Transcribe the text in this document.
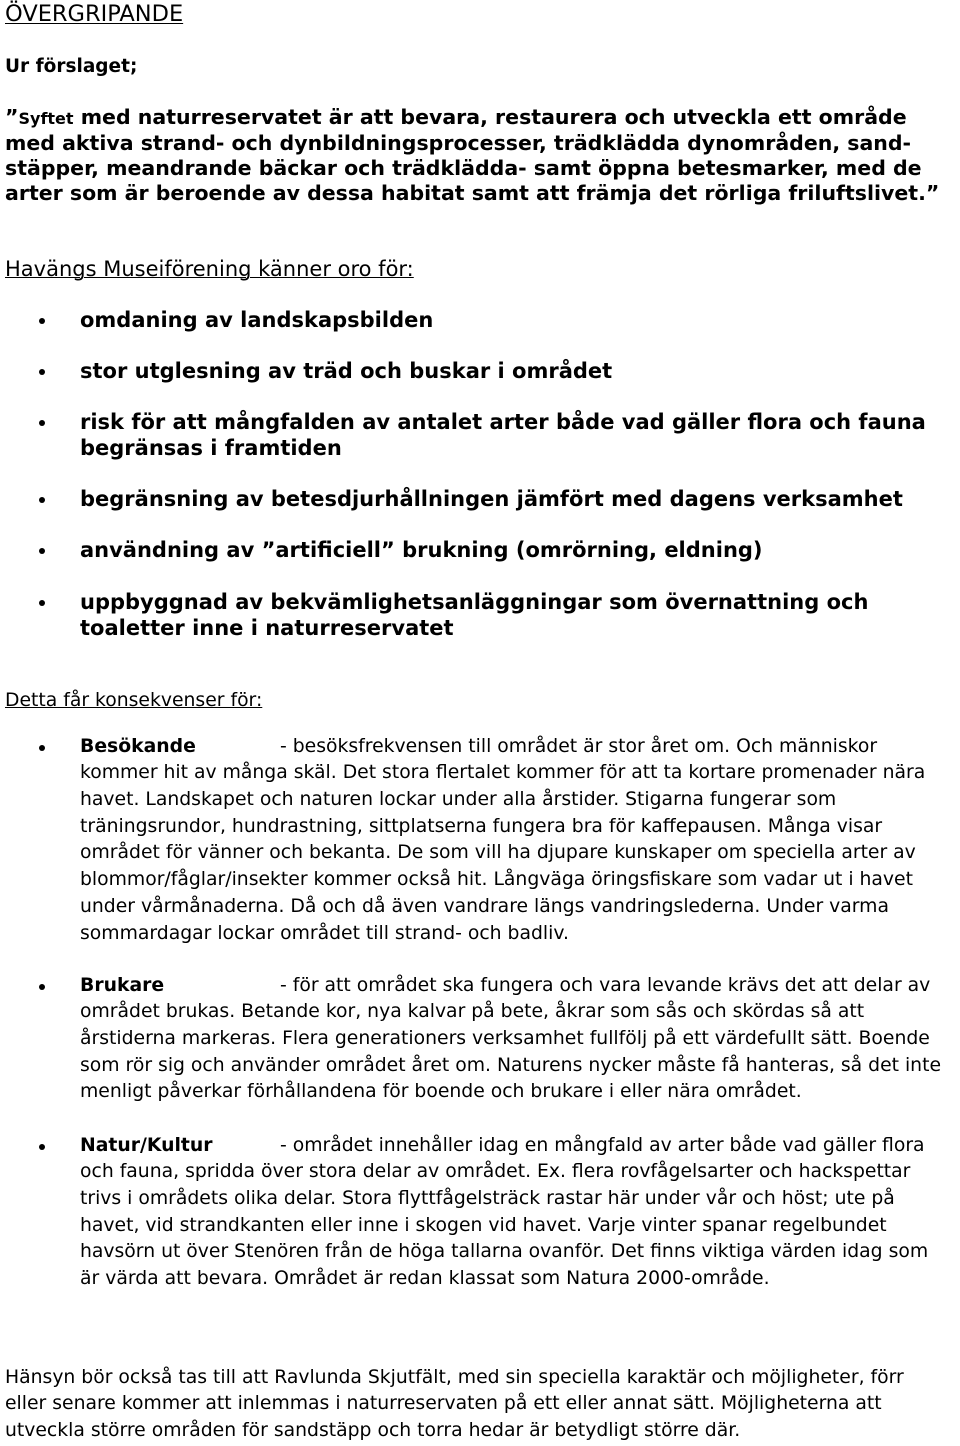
ÖVERGRIPANDE
Ur förslaget;
”Syftet med naturreservatet är att bevara, restaurera och utveckla ett område
med aktiva strand- och dynbildningsprocesser, trädklädda dynområden, sand-
stäpper, meandrande bäckar och trädklädda- samt öppna betesmarker, med de
arter som är beroende av dessa habitat samt att främja det rörliga friluftslivet.”
Havängs Museiförening känner oro för:
omdaning av landskapsbilden
stor utglesning av träd och buskar i området
risk för att mångfalden av antalet arter både vad gäller flora och fauna
begränsas i framtiden
begränsning av betesdjurhållningen jämfört med dagens verksamhet
användning av ”artificiell” brukning (omrörning, eldning)
uppbyggnad av bekvämlighetsanläggningar som övernattning och
toaletter inne i naturreservatet
Detta får konsekvenser för:
Besökande	- besöksfrekvensen till området är stor året om. Och människor
kommer hit av många skäl. Det stora flertalet kommer för att ta kortare promenader nära
havet. Landskapet och naturen lockar under alla årstider. Stigarna fungerar som
träningsrundor, hundrastning, sittplatserna fungera bra för kaffepausen. Många visar
området för vänner och bekanta. De som vill ha djupare kunskaper om speciella arter av
blommor/fåglar/insekter kommer också hit. Långväga öringsfiskare som vadar ut i havet
under vårmånaderna. Då och då även vandrare längs vandringslederna. Under varma
sommardagar lockar området till strand- och badliv.
Brukare	- för att området ska fungera och vara levande krävs det att delar av
området brukas. Betande kor, nya kalvar på bete, åkrar som sås och skördas så att
årstiderna markeras. Flera generationers verksamhet fullfölj på ett värdefullt sätt. Boende
som rör sig och använder området året om. Naturens nycker måste få hanteras, så det inte
menligt påverkar förhållandena för boende och brukare i eller nära området.
Natur/Kultur	- området innehåller idag en mångfald av arter både vad gäller flora
och fauna, spridda över stora delar av området. Ex. flera rovfågelsarter och hackspettar
trivs i områdets olika delar. Stora flyttfågelsträck rastar här under vår och höst; ute på
havet, vid strandkanten eller inne i skogen vid havet. Varje vinter spanar regelbundet
havsörn ut över Stenören från de höga tallarna ovanför. Det finns viktiga värden idag som
är värda att bevara. Området är redan klassat som Natura 2000-område.
Hänsyn bör också tas till att Ravlunda Skjutfält, med sin speciella karaktär och möjligheter, förr
eller senare kommer att inlemmas i naturreservaten på ett eller annat sätt. Möjligheterna att
utveckla större områden för sandstäpp och torra hedar är betydligt större där.
